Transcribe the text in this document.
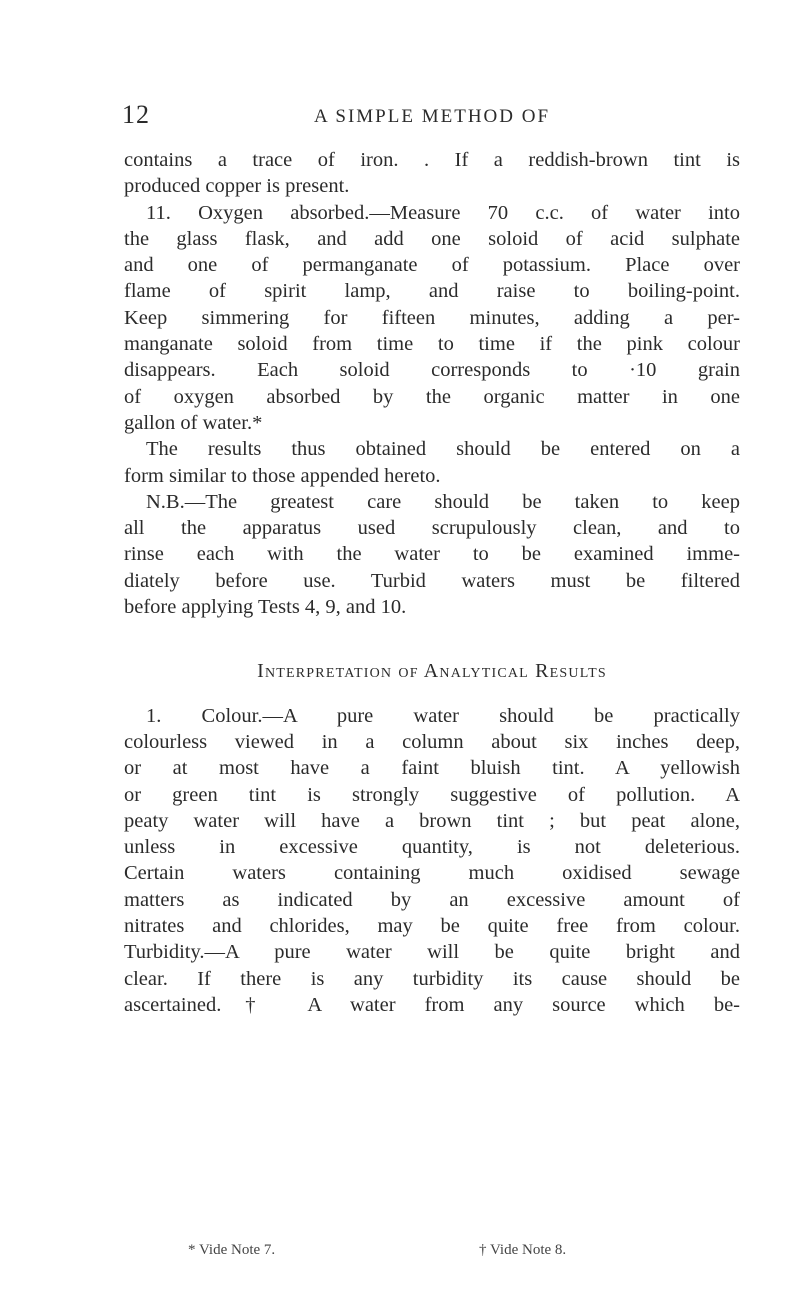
12	A SIMPLE METHOD OF
contains a trace of iron. . If a reddish-brown tint is
produced copper is present.
11. Oxygen absorbed.—Measure 70 c.c. of water into
the glass flask, and add one soloid of acid sulphate
and one of permanganate of potassium. Place over
flame of spirit lamp, and raise to boiling-point.
Keep simmering for fifteen minutes, adding a per-
manganate soloid from time to time if the pink colour
disappears. Each soloid corresponds to ·10 grain
of oxygen absorbed by the organic matter in one
gallon of water.*
The results thus obtained should be entered on a
form similar to those appended hereto.
N.B.—The greatest care should be taken to keep
all the apparatus used scrupulously clean, and to
rinse each with the water to be examined imme-
diately before use. Turbid waters must be filtered
before applying Tests 4, 9, and 10.
Interpretation of Analytical Results
1. Colour.—A pure water should be practically
colourless viewed in a column about six inches deep,
or at most have a faint bluish tint. A yellowish
or green tint is strongly suggestive of pollution. A
peaty water will have a brown tint ; but peat alone,
unless in excessive quantity, is not deleterious.
Certain waters containing much oxidised sewage
matters as indicated by an excessive amount of
nitrates and chlorides, may be quite free from colour.
Turbidity.—A pure water will be quite bright and
clear. If there is any turbidity its cause should be
ascertained.† A water from any source which be-
* Vide Note 7.	† Vide Note 8.
